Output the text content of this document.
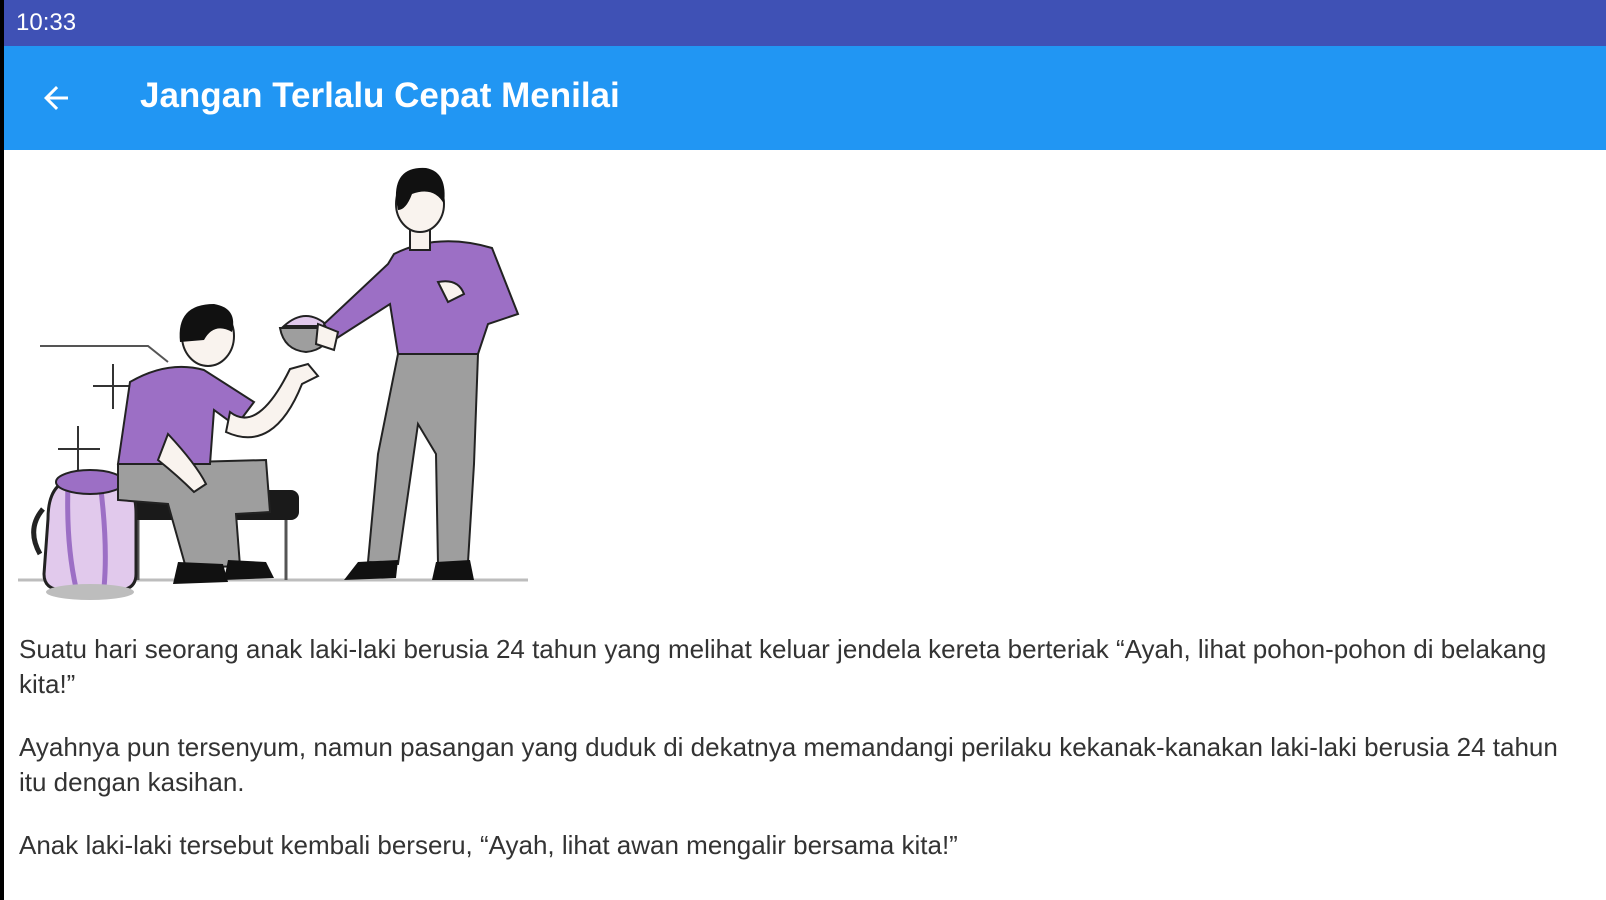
10:33
Jangan Terlalu Cepat Menilai

Suatu hari seorang anak laki-laki berusia 24 tahun yang melihat keluar jendela kereta berteriak “Ayah, lihat pohon-pohon di belakang kita!”

Ayahnya pun tersenyum, namun pasangan yang duduk di dekatnya memandangi perilaku kekanak-kanakan laki-laki berusia 24 tahun itu dengan kasihan.

Anak laki-laki tersebut kembali berseru, “Ayah, lihat awan mengalir bersama kita!”
